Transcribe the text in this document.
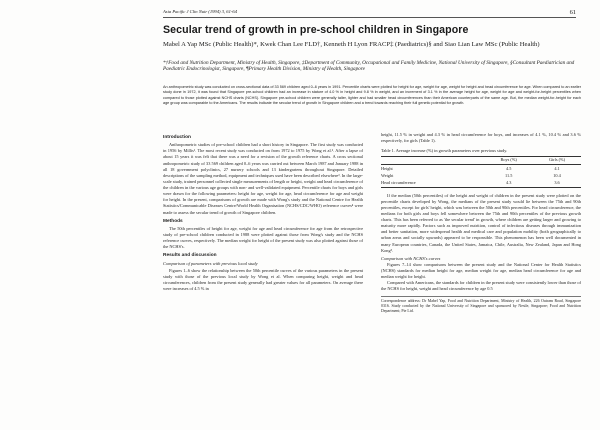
Asia Pacific J Clin Nutr (1994) 3, 61-64	61
Secular trend of growth in pre-school children in Singapore
Mabel A Yap MSc (Public Health)*, Kwek Chan Lee FLD†, Kenneth H Lyon FRACP‡ (Paediatrics)§ and Siao Lian Law MSc (Public Health)
*†Food and Nutrition Department, Ministry of Health, Singapore, ‡Department of Community, Occupational and Family Medicine, National University of Singapore, §Consultant Paediatrician and Paediatric Endocrinologist, Singapore, ¶Primary Health Division, Ministry of Health, Singapore
An anthropometric study was conducted on cross-sectional data of 33 569 children aged 0–6 years in 1991. Percentile charts were plotted for height for age, weight for age, weight for height and head circumference for age. When compared to an earlier study done in 1972, it was found that Singapore pre-school children had an increase in stature of 4.0 % in height and 9.8 % in weight, and an increment of 3.1 % in the average height for age, weight for age and weight-for-height percentiles when compared to those plotted against NCHS charts (NCHS). Singapore pre-school children were generally taller, lighter and had smaller head circumferences than their American counterparts of the same age. But, the median weight-for-height for each age group was comparable to the Americans. The results indicate the secular trend of growth in Singapore children and a trend towards reaching their full genetic potential for growth.
Introduction

Anthropometric studies of pre-school children had a short history in Singapore. The first study was conducted in 1956 by Millis¹. The most recent study was conducted on from 1972 to 1975 by Wong et al.². After a lapse of about 15 years it was felt that there was a need for a revision of the growth reference charts. A cross sectional anthropometric study of 33 569 children aged 0–6 years was carried out between March 1987 and January 1988 in all 18 government polyclinics, 27 nursery schools and 13 kindergartens throughout Singapore. Detailed descriptions of the sampling method, equipment and techniques used have been described elsewhere³. In the large-scale study, trained personnel collected single measurements of length or height, weight and head circumference of the children in the various age groups with non- and well-validated equipment. Percentile charts for boys and girls were drawn for the following parameters: height for age, weight for age, head circumference for age and weight for height. In the present, comparisons of growth are made with Wong's study and the National Centre for Health Statistics/Communicable Diseases Centre/World Health Organisation (NCHS/CDC/WHO) reference curves⁴ were made to assess the secular trend of growth of Singapore children.

Methods

The 50th percentiles of height for age, weight for age and head circumference for age from the retrospective study of pre-school children conducted in 1988 were plotted against those from Wong's study and the NCHS reference curves, respectively. The median weight for height of the present study was also plotted against those of the NCHS's.

Results and discussion
Comparison of parameters with previous local study

Figures 1–6 show the relationship between the 50th percentile curves of the various parameters in the present study with those of the previous local study by Wong et al. When comparing height, weight and head circumferences, children from the present study generally had greater values for all parameters. On average there were increases of 4.5 % in

height, 11.5 % in weight and 4.3 % in head circumference for boys, and increases of 4.1 %, 10.4 % and 3.6 % respectively, for girls (Table 1).

Table 1. Average increase (%) in growth parameters over previous study.
	Boys (%)	Girls (%)
Height	4.5	4.1
Weight	11.5	10.4
Head circumference	4.3	3.6

If the median (50th percentiles) of the height and weight of children in the present study were plotted on the percentile charts developed by Wong, the medians of the present study would lie between the 75th and 90th percentiles, except for girls' height, which was between the 50th and 90th percentiles. For head circumference, the medians for both girls and boys fell somewhere between the 75th and 90th percentiles of the previous growth charts. This has been referred to as 'the secular trend' in growth, where children are getting larger and growing to maturity more rapidly. Factors such as improved nutrition, control of infectious diseases through immunization and better sanitation, more widespread health and medical care and population mobility (both geographically to urban areas and socially upwards) appeared to be responsible. This phenomenon has been well documented in many European countries, Canada, the United States, Jamaica, Chile, Australia, New Zealand, Japan and Hong Kong⁵.

Comparison with NCHS's curves

Figures 7–14 show comparisons between the present study and the National Center for Health Statistics (NCHS) standards for median height for age, median weight for age, median head circumference for age and median weight for height.

Compared with Americans, the standards for children in the present study were consistently lower than those of the NCHS for height, weight and head circumference by age 0.5

Correspondence address: Dr Mabel Yap, Food and Nutrition Department, Ministry of Health, 226 Outram Road, Singapore 0316. Study conducted by the National University of Singapore and sponsored by Nestle, Singapore; Food and Nutrition Department; Pte Ltd.
